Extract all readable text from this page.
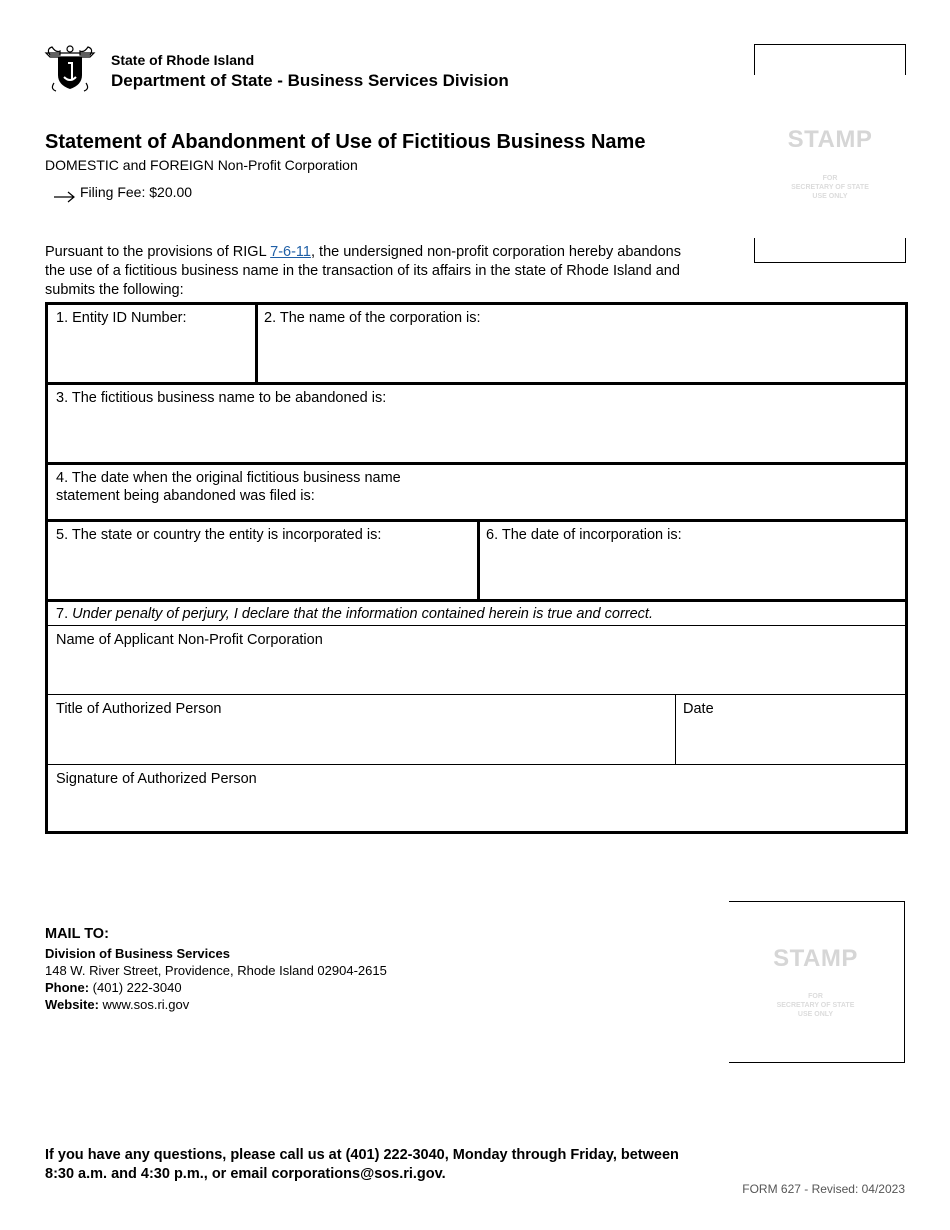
State of Rhode Island
Department of State - Business Services Division
STAMP
FOR
SECRETARY OF STATE
USE ONLY
Statement of Abandonment of Use of Fictitious Business Name
DOMESTIC and FOREIGN Non-Profit Corporation
Filing Fee: $20.00
Pursuant to the provisions of RIGL 7-6-11, the undersigned non-profit corporation hereby abandons the use of a fictitious business name in the transaction of its affairs in the state of Rhode Island and submits the following:
1. Entity ID Number:	2. The name of the corporation is:
3. The fictitious business name to be abandoned is:
4. The date when the original fictitious business name
statement being abandoned was filed is:
5. The state or country the entity is incorporated is:	6. The date of incorporation is:
7. Under penalty of perjury, I declare that the information contained herein is true and correct.
Name of Applicant Non-Profit Corporation
Title of Authorized Person	Date
Signature of Authorized Person
MAIL TO:
Division of Business Services
148 W. River Street, Providence, Rhode Island 02904-2615
Phone: (401) 222-3040
Website: www.sos.ri.gov
STAMP
FOR
SECRETARY OF STATE
USE ONLY
If you have any questions, please call us at (401) 222-3040, Monday through Friday, between 8:30 a.m. and 4:30 p.m., or email corporations@sos.ri.gov.
FORM 627 - Revised: 04/2023
